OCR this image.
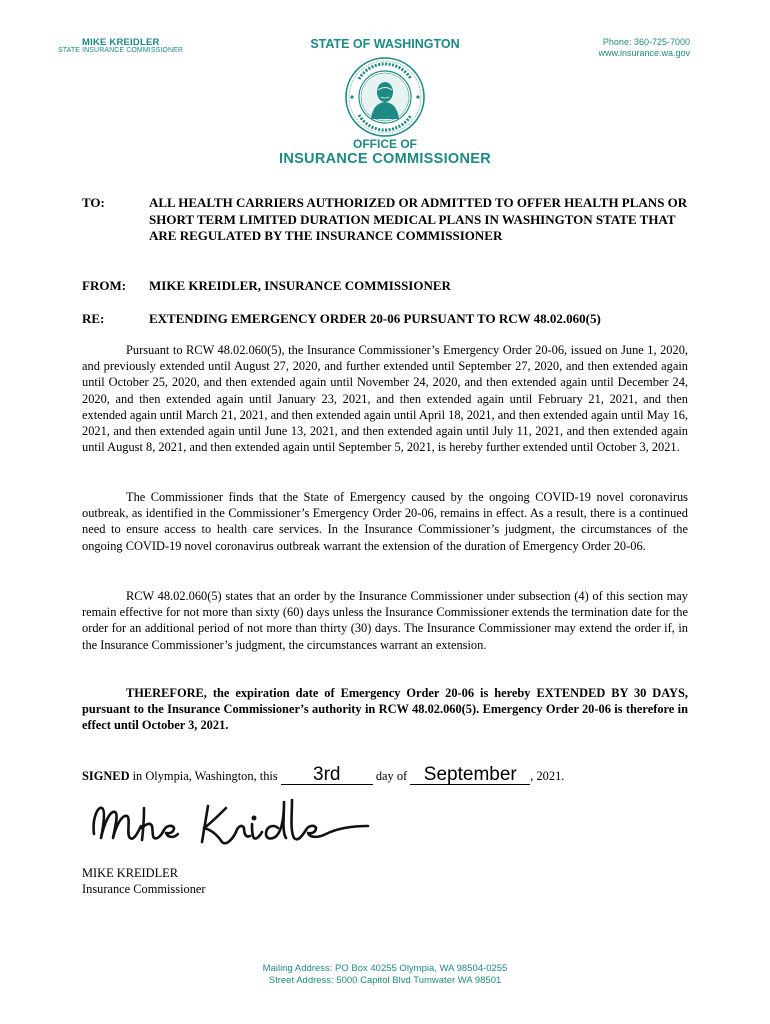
MIKE KREIDLER
STATE INSURANCE COMMISSIONER	STATE OF WASHINGTON	Phone: 360-725-7000
www.insurance.wa.gov
OFFICE OF
INSURANCE COMMISSIONER
TO:	ALL HEALTH CARRIERS AUTHORIZED OR ADMITTED TO OFFER HEALTH PLANS OR SHORT TERM LIMITED DURATION MEDICAL PLANS IN WASHINGTON STATE THAT ARE REGULATED BY THE INSURANCE COMMISSIONER
FROM: MIKE KREIDLER, INSURANCE COMMISSIONER
RE:	EXTENDING EMERGENCY ORDER 20-06 PURSUANT TO RCW 48.02.060(5)
Pursuant to RCW 48.02.060(5), the Insurance Commissioner’s Emergency Order 20-06, issued on June 1, 2020, and previously extended until August 27, 2020, and further extended until September 27, 2020, and then extended again until October 25, 2020, and then extended again until November 24, 2020, and then extended again until December 24, 2020, and then extended again until January 23, 2021, and then extended again until February 21, 2021, and then extended again until March 21, 2021, and then extended again until April 18, 2021, and then extended again until May 16, 2021, and then extended again until June 13, 2021, and then extended again until July 11, 2021, and then extended again until August 8, 2021, and then extended again until September 5, 2021, is hereby further extended until October 3, 2021.
The Commissioner finds that the State of Emergency caused by the ongoing COVID-19 novel coronavirus outbreak, as identified in the Commissioner’s Emergency Order 20-06, remains in effect. As a result, there is a continued need to ensure access to health care services. In the Insurance Commissioner’s judgment, the circumstances of the ongoing COVID-19 novel coronavirus outbreak warrant the extension of the duration of Emergency Order 20-06.
RCW 48.02.060(5) states that an order by the Insurance Commissioner under subsection (4) of this section may remain effective for not more than sixty (60) days unless the Insurance Commissioner extends the termination date for the order for an additional period of not more than thirty (30) days. The Insurance Commissioner may extend the order if, in the Insurance Commissioner’s judgment, the circumstances warrant an extension.
THEREFORE, the expiration date of Emergency Order 20-06 is hereby EXTENDED BY 30 DAYS, pursuant to the Insurance Commissioner’s authority in RCW 48.02.060(5). Emergency Order 20-06 is therefore in effect until October 3, 2021.
SIGNED in Olympia, Washington, this 3rd	day of September , 2021.
MIKE KREIDLER
Insurance Commissioner
Mailing Address: PO Box 40255 Olympia, WA 98504-0255
Street Address: 5000 Capitol Blvd Tumwater WA 98501
